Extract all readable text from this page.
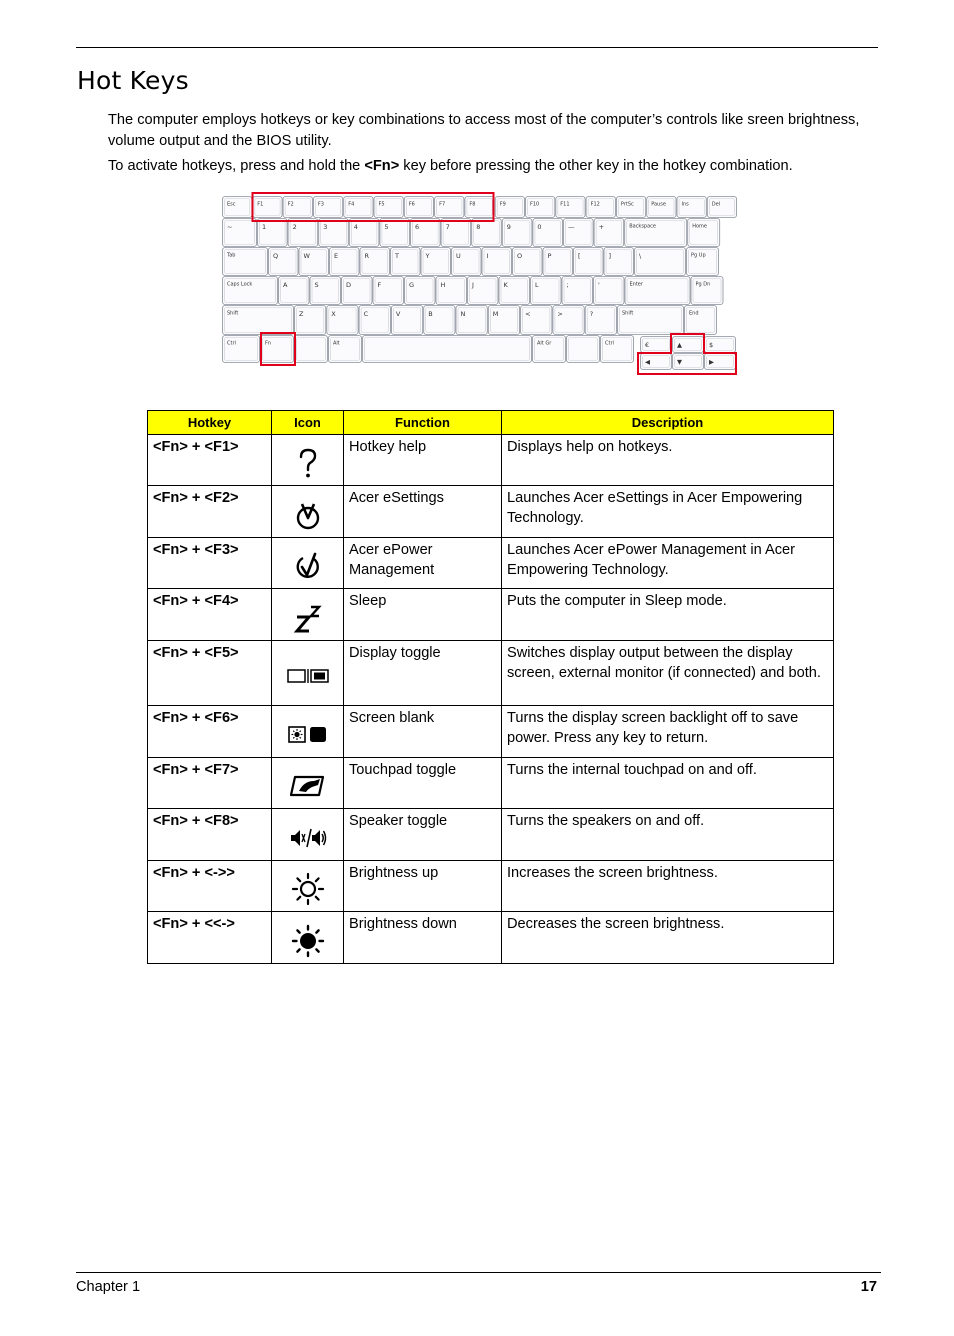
Hot Keys

The computer employs hotkeys or key combinations to access most of the computer’s controls like sreen brightness, volume output and the BIOS utility.

To activate hotkeys, press and hold the <Fn> key before pressing the other key in the hotkey combination.

Esc	F1	F2	F3	F4	F5	F6	F7	F8	F9	F10	F11	F12	PrtSc	Pause	Ins	Del
~	1	2	3	4	5	6	7	8	9	0	—	+	Backspace	Home
Tab	Q	W	E	R	T	Y	U	I	O	P	[	]	\	Pg Up
Caps Lock	A	S	D	F	G	H	J	K	L	;	'	Enter	Pg Dn
Shift	Z	X	C	V	B	N	M	<	>	?	Shift	End
Ctrl	Fn	Alt	Alt Gr	Ctrl	▲
◀	▼	▶
$
€
Hotkey	Icon	Function	Description
<Fn> + <F1>		Hotkey help	Displays help on hotkeys.
<Fn> + <F2>		Acer eSettings	Launches Acer eSettings in Acer Empowering Technology.
<Fn> + <F3>		Acer ePower Management	Launches Acer ePower Management in Acer Empowering Technology.
<Fn> + <F4>		Sleep	Puts the computer in Sleep mode.
<Fn> + <F5>		Display toggle	Switches display output between the display screen, external monitor (if connected) and both.
<Fn> + <F6>		Screen blank	Turns the display screen backlight off to save power. Press any key to return.
<Fn> + <F7>		Touchpad toggle	Turns the internal touchpad on and off.
<Fn> + <F8>		Speaker toggle	Turns the speakers on and off.
<Fn> + <->>		Brightness up	Increases the screen brightness.
<Fn> + <<->		Brightness down	Decreases the screen brightness.
Chapter 1	17
